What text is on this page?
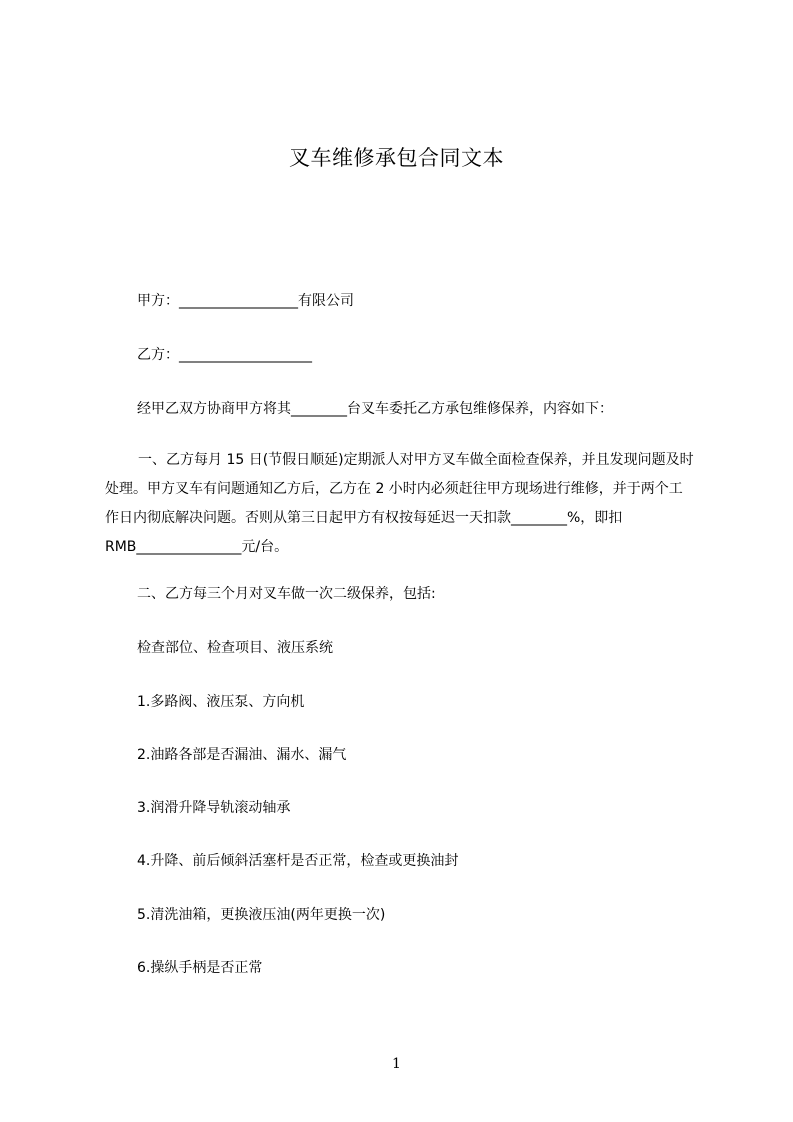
叉车维修承包合同文本
甲方：_________________有限公司
乙方：___________________
经甲乙双方协商甲方将其________台叉车委托乙方承包维修保养，内容如下：
一、乙方每月 15 日(节假日顺延)定期派人对甲方叉车做全面检查保养，并且发现问题及时处理。甲方叉车有问题通知乙方后，乙方在 2 小时内必须赶往甲方现场进行维修，并于两个工作日内彻底解决问题。否则从第三日起甲方有权按每延迟一天扣款________%，即扣 RMB_______________元/台。
二、乙方每三个月对叉车做一次二级保养，包括:
检查部位、检查项目、液压系统
1.多路阀、液压泵、方向机
2.油路各部是否漏油、漏水、漏气
3.润滑升降导轨滚动轴承
4.升降、前后倾斜活塞杆是否正常，检查或更换油封
5.清洗油箱，更换液压油(两年更换一次)
6.操纵手柄是否正常
1
